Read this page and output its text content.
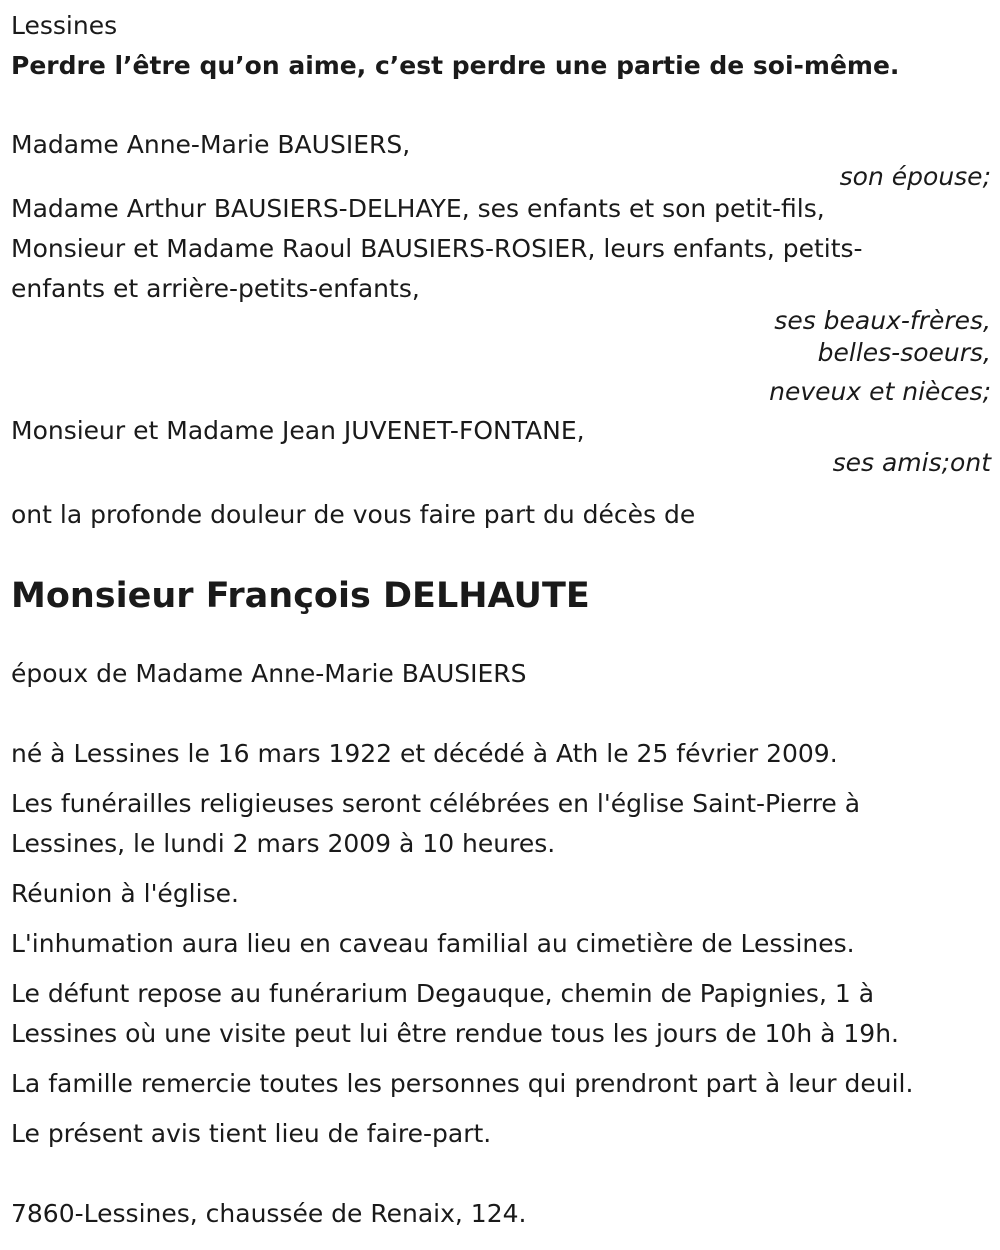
Lessines
Perdre l’être qu’on aime, c’est perdre une partie de soi-même.
Madame Anne-Marie BAUSIERS,
son épouse;
Madame Arthur BAUSIERS-DELHAYE, ses enfants et son petit-fils,
Monsieur et Madame Raoul BAUSIERS-ROSIER, leurs enfants, petits-
enfants et arrière-petits-enfants,
ses beaux-frères,
belles-soeurs,
neveux et nièces;
Monsieur et Madame Jean JUVENET-FONTANE,
ses amis;ont
ont la profonde douleur de vous faire part du décès de
Monsieur François DELHAUTE
époux de Madame Anne-Marie BAUSIERS
né à Lessines le 16 mars 1922 et décédé à Ath le 25 février 2009.
Les funérailles religieuses seront célébrées en l'église Saint-Pierre à
Lessines, le lundi 2 mars 2009 à 10 heures.
Réunion à l'église.
L'inhumation aura lieu en caveau familial au cimetière de Lessines.
Le défunt repose au funérarium Degauque, chemin de Papignies, 1 à
Lessines où une visite peut lui être rendue tous les jours de 10h à 19h.
La famille remercie toutes les personnes qui prendront part à leur deuil.
Le présent avis tient lieu de faire-part.
7860-Lessines, chaussée de Renaix, 124.
